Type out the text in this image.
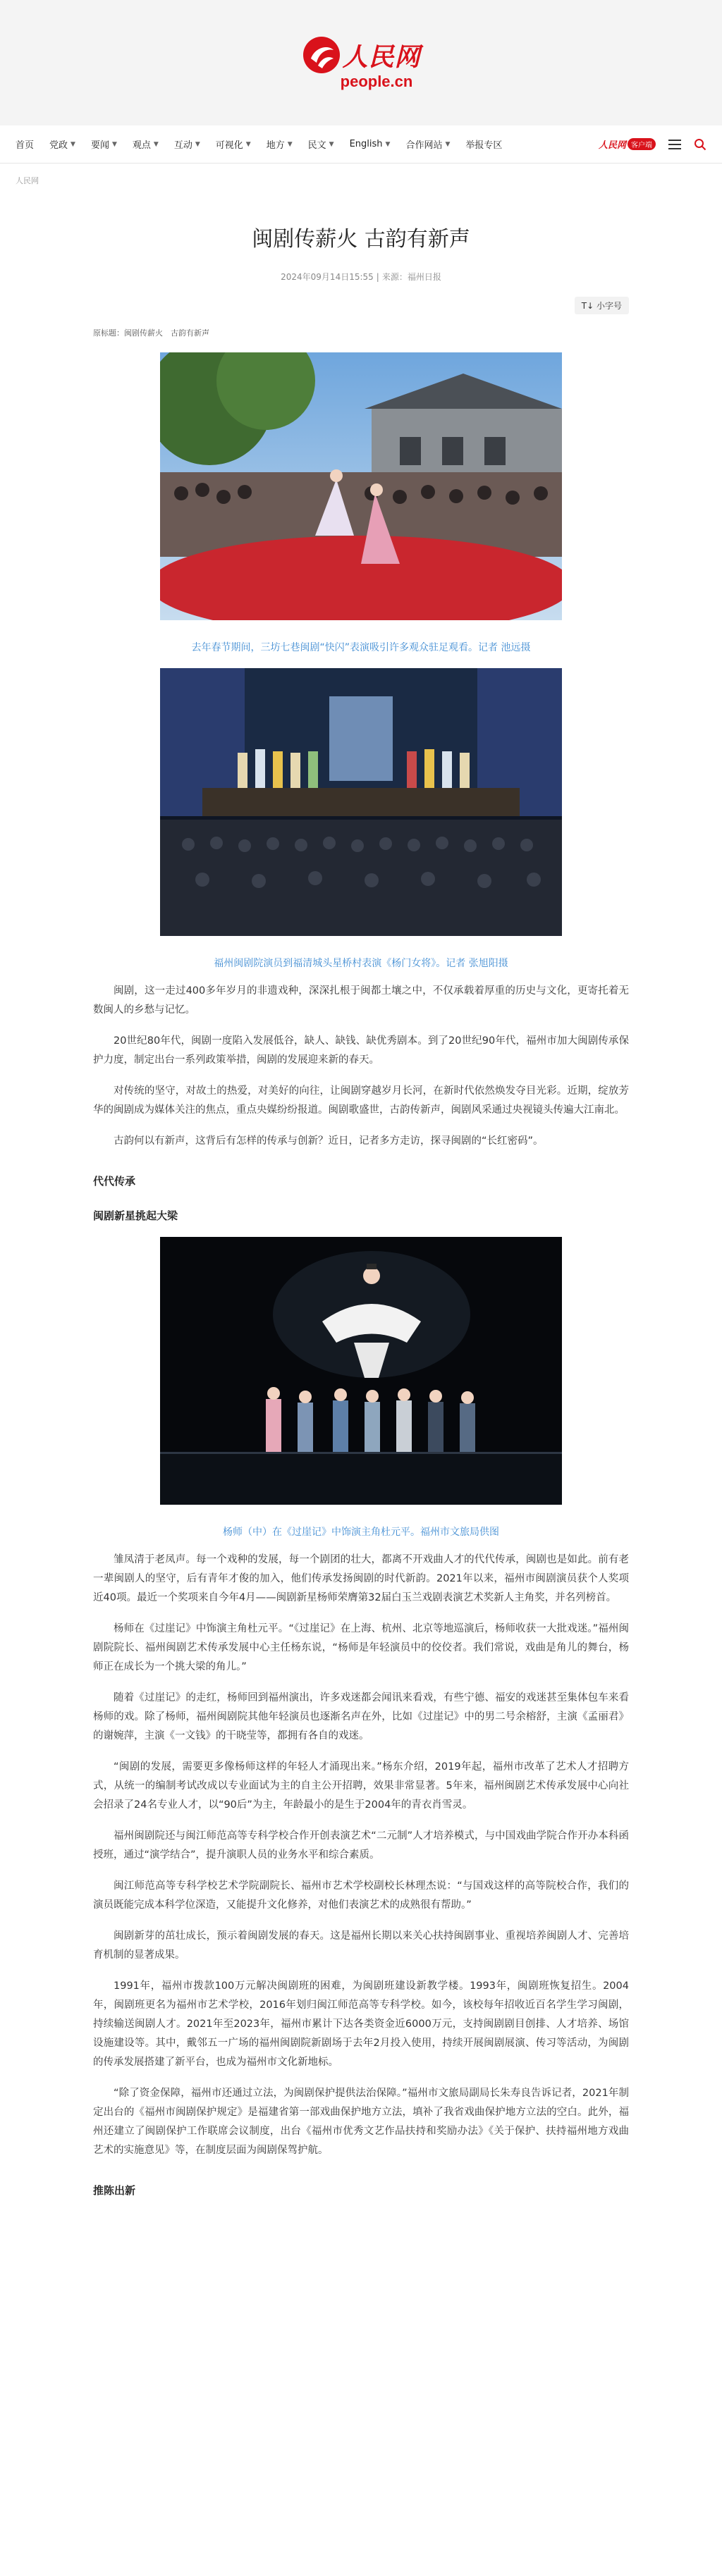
人民网
people.cn
首页 党政 ▼ 要闻 ▼ 观点 ▼ 互动 ▼ 可视化 ▼ 地方 ▼ 民文 ▼ English ▼ 合作网站 ▼ 举报专区	人民网 客户端
人民网
闽剧传薪火 古韵有新声
2024年09月14日15:55 | 来源：福州日报
T↓ 小字号
原标题：闽剧传薪火　古韵有新声
去年春节期间，三坊七巷闽剧“快闪”表演吸引许多观众驻足观看。记者 池远摄
福州闽剧院演员到福清城头星桥村表演《杨门女将》。记者 张旭阳摄

闽剧，这一走过400多年岁月的非遗戏种，深深扎根于闽都土壤之中，不仅承载着厚重的历史与文化，更寄托着无数闽人的乡愁与记忆。

20世纪80年代，闽剧一度陷入发展低谷，缺人、缺钱、缺优秀剧本。到了20世纪90年代，福州市加大闽剧传承保护力度，制定出台一系列政策举措，闽剧的发展迎来新的春天。

对传统的坚守，对故土的热爱，对美好的向往，让闽剧穿越岁月长河，在新时代依然焕发夺目光彩。近期，绽放芳华的闽剧成为媒体关注的焦点，重点央媒纷纷报道。闽剧歌盛世，古韵传新声，闽剧风采通过央视镜头传遍大江南北。

古韵何以有新声，这背后有怎样的传承与创新？近日，记者多方走访，探寻闽剧的“长红密码”。

代代传承
闽剧新星挑起大梁
杨师（中）在《过崖记》中饰演主角杜元平。福州市文旅局供图

雏凤清于老凤声。每一个戏种的发展，每一个剧团的壮大，都离不开戏曲人才的代代传承，闽剧也是如此。前有老一辈闽剧人的坚守，后有青年才俊的加入，他们传承发扬闽剧的时代新韵。2021年以来，福州市闽剧演员获个人奖项近40项。最近一个奖项来自今年4月——闽剧新星杨师荣膺第32届白玉兰戏剧表演艺术奖新人主角奖，并名列榜首。

杨师在《过崖记》中饰演主角杜元平。“《过崖记》在上海、杭州、北京等地巡演后，杨师收获一大批戏迷。”福州闽剧院院长、福州闽剧艺术传承发展中心主任杨东说，“杨师是年轻演员中的佼佼者。我们常说，戏曲是角儿的舞台，杨师正在成长为一个挑大梁的角儿。”

随着《过崖记》的走红，杨师回到福州演出，许多戏迷都会闻讯来看戏，有些宁德、福安的戏迷甚至集体包车来看杨师的戏。除了杨师，福州闽剧院其他年轻演员也逐渐名声在外，比如《过崖记》中的男二号余榕舒，主演《孟丽君》的谢婉萍，主演《一文钱》的干晓莹等，都拥有各自的戏迷。

“闽剧的发展，需要更多像杨师这样的年轻人才涌现出来。”杨东介绍，2019年起，福州市改革了艺术人才招聘方式，从统一的编制考试改成以专业面试为主的自主公开招聘，效果非常显著。5年来，福州闽剧艺术传承发展中心向社会招录了24名专业人才，以“90后”为主，年龄最小的是生于2004年的青衣肖雪灵。

福州闽剧院还与闽江师范高等专科学校合作开创表演艺术“二元制”人才培养模式，与中国戏曲学院合作开办本科函授班，通过“演学结合”，提升演职人员的业务水平和综合素质。

闽江师范高等专科学校艺术学院副院长、福州市艺术学校副校长林理杰说：“与国戏这样的高等院校合作，我们的演员既能完成本科学位深造，又能提升文化修养，对他们表演艺术的成熟很有帮助。”

闽剧新芽的茁壮成长，预示着闽剧发展的春天。这是福州长期以来关心扶持闽剧事业、重视培养闽剧人才、完善培育机制的显著成果。

1991年，福州市拨款100万元解决闽剧班的困难，为闽剧班建设新教学楼。1993年，闽剧班恢复招生。2004年，闽剧班更名为福州市艺术学校，2016年划归闽江师范高等专科学校。如今，该校每年招收近百名学生学习闽剧，持续输送闽剧人才。2021年至2023年，福州市累计下达各类资金近6000万元，支持闽剧剧目创排、人才培养、场馆设施建设等。其中，戴邻五一广场的福州闽剧院新剧场于去年2月投入使用，持续开展闽剧展演、传习等活动，为闽剧的传承发展搭建了新平台，也成为福州市文化新地标。

“除了资金保障，福州市还通过立法，为闽剧保护提供法治保障。”福州市文旅局副局长朱寿良告诉记者，2021年制定出台的《福州市闽剧保护规定》是福建省第一部戏曲保护地方立法，填补了我省戏曲保护地方立法的空白。此外，福州还建立了闽剧保护工作联席会议制度，出台《福州市优秀文艺作品扶持和奖励办法》《关于保护、扶持福州地方戏曲艺术的实施意见》等，在制度层面为闽剧保驾护航。

推陈出新
